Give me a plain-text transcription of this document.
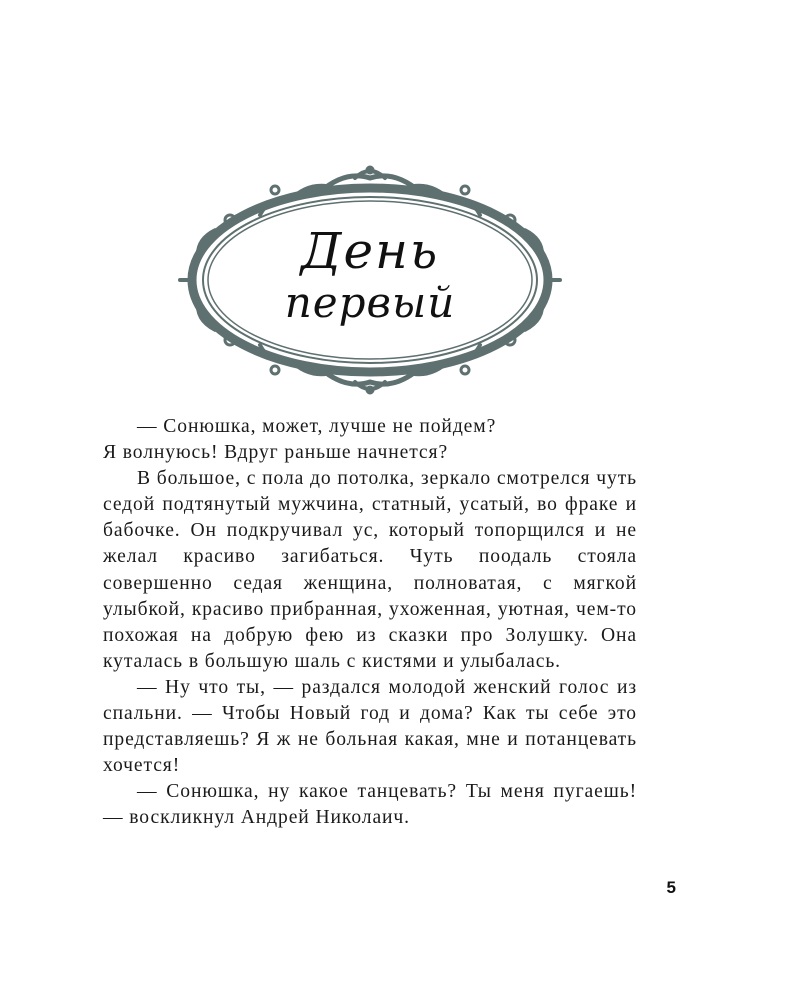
День
первый

— Сонюшка, может, лучше не пойдем?

Я волнуюсь! Вдруг раньше начнется?

В большое, с пола до потолка, зеркало смотрелся чуть седой подтянутый мужчина, статный, усатый, во фраке и бабочке. Он подкручивал ус, который топорщился и не желал красиво загибаться. Чуть поодаль стояла совершенно седая женщина, полноватая, с мягкой улыбкой, красиво прибранная, ухоженная, уютная, чем-то похожая на добрую фею из сказки про Золушку. Она куталась в большую шаль с кистями и улыбалась.

— Ну что ты, — раздался молодой женский голос из спальни. — Чтобы Новый год и дома? Как ты себе это представляешь? Я ж не больная какая, мне и потанцевать хочется!

— Сонюшка, ну какое танцевать? Ты меня пугаешь! — воскликнул Андрей Николаич.

5
